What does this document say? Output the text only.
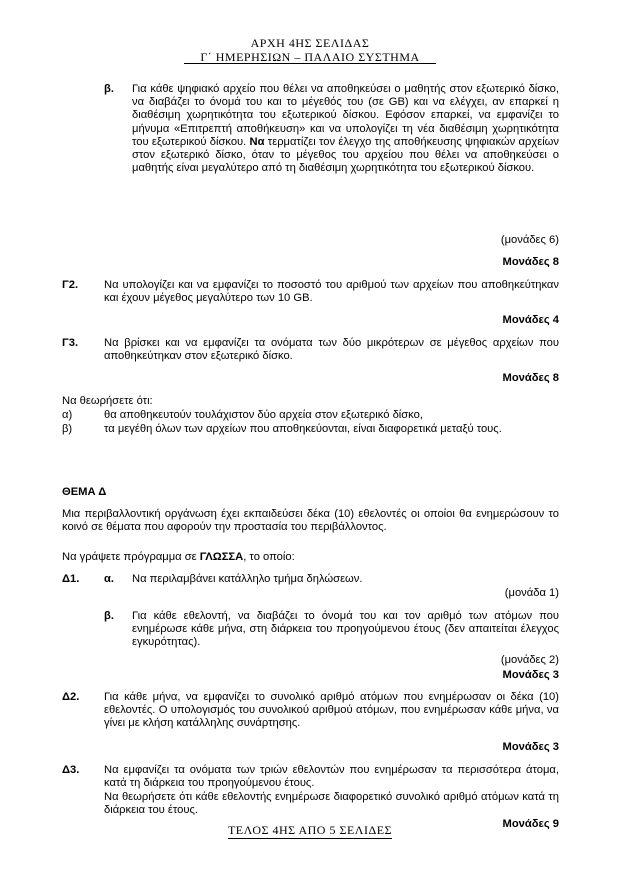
ΑΡΧΗ 4ΗΣ ΣΕΛΙΔΑΣ
Γ΄ ΗΜΕΡΗΣΙΩΝ – ΠΑΛΑΙΟ ΣΥΣΤΗΜΑ
β. Για κάθε ψηφιακό αρχείο που θέλει να αποθηκεύσει ο μαθητής στον εξωτερικό δίσκο, να διαβάζει το όνομά του και το μέγεθός του (σε GB) και να ελέγχει, αν επαρκεί η διαθέσιμη χωρητικότητα του εξωτερικού δίσκου. Εφόσον επαρκεί, να εμφανίζει το μήνυμα «Επιτρεπτή αποθήκευση» και να υπολογίζει τη νέα διαθέσιμη χωρητικότητα του εξωτερικού δίσκου. Να τερματίζει τον έλεγχο της αποθήκευσης ψηφιακών αρχείων στον εξωτερικό δίσκο, όταν το μέγεθος του αρχείου που θέλει να αποθηκεύσει ο μαθητής είναι μεγαλύτερο από τη διαθέσιμη χωρητικότητα του εξωτερικού δίσκου.
(μονάδες 6)
Μονάδες 8
Γ2. Να υπολογίζει και να εμφανίζει το ποσοστό του αριθμού των αρχείων που αποθηκεύτηκαν και έχουν μέγεθος μεγαλύτερο των 10 GB.
Μονάδες 4
Γ3. Να βρίσκει και να εμφανίζει τα ονόματα των δύο μικρότερων σε μέγεθος αρχείων που αποθηκεύτηκαν στον εξωτερικό δίσκο.
Μονάδες 8
Να θεωρήσετε ότι:
α)	θα αποθηκευτούν τουλάχιστον δύο αρχεία στον εξωτερικό δίσκο,
β)	τα μεγέθη όλων των αρχείων που αποθηκεύονται, είναι διαφορετικά μεταξύ τους.
ΘΕΜΑ Δ
Μια περιβαλλοντική οργάνωση έχει εκπαιδεύσει δέκα (10) εθελοντές οι οποίοι θα ενημερώσουν το κοινό σε θέματα που αφορούν την προστασία του περιβάλλοντος.
Να γράψετε πρόγραμμα σε ΓΛΩΣΣΑ, το οποίο:
Δ1. α. Να περιλαμβάνει κατάλληλο τμήμα δηλώσεων.
(μονάδα 1)
β. Για κάθε εθελοντή, να διαβάζει το όνομά του και τον αριθμό των ατόμων που ενημέρωσε κάθε μήνα, στη διάρκεια του προηγούμενου έτους (δεν απαιτείται έλεγχος εγκυρότητας).
(μονάδες 2)
Μονάδες 3
Δ2. Για κάθε μήνα, να εμφανίζει το συνολικό αριθμό ατόμων που ενημέρωσαν οι δέκα (10) εθελοντές. Ο υπολογισμός του συνολικού αριθμού ατόμων, που ενημέρωσαν κάθε μήνα, να γίνει με κλήση κατάλληλης συνάρτησης.
Μονάδες 3
Δ3. Να εμφανίζει τα ονόματα των τριών εθελοντών που ενημέρωσαν τα περισσότερα άτομα, κατά τη διάρκεια του προηγούμενου έτους.
Να θεωρήσετε ότι κάθε εθελοντής ενημέρωσε διαφορετικό συνολικό αριθμό ατόμων κατά τη διάρκεια του έτους.
Μονάδες 9
ΤΕΛΟΣ 4ΗΣ ΑΠΟ 5 ΣΕΛΙΔΕΣ
